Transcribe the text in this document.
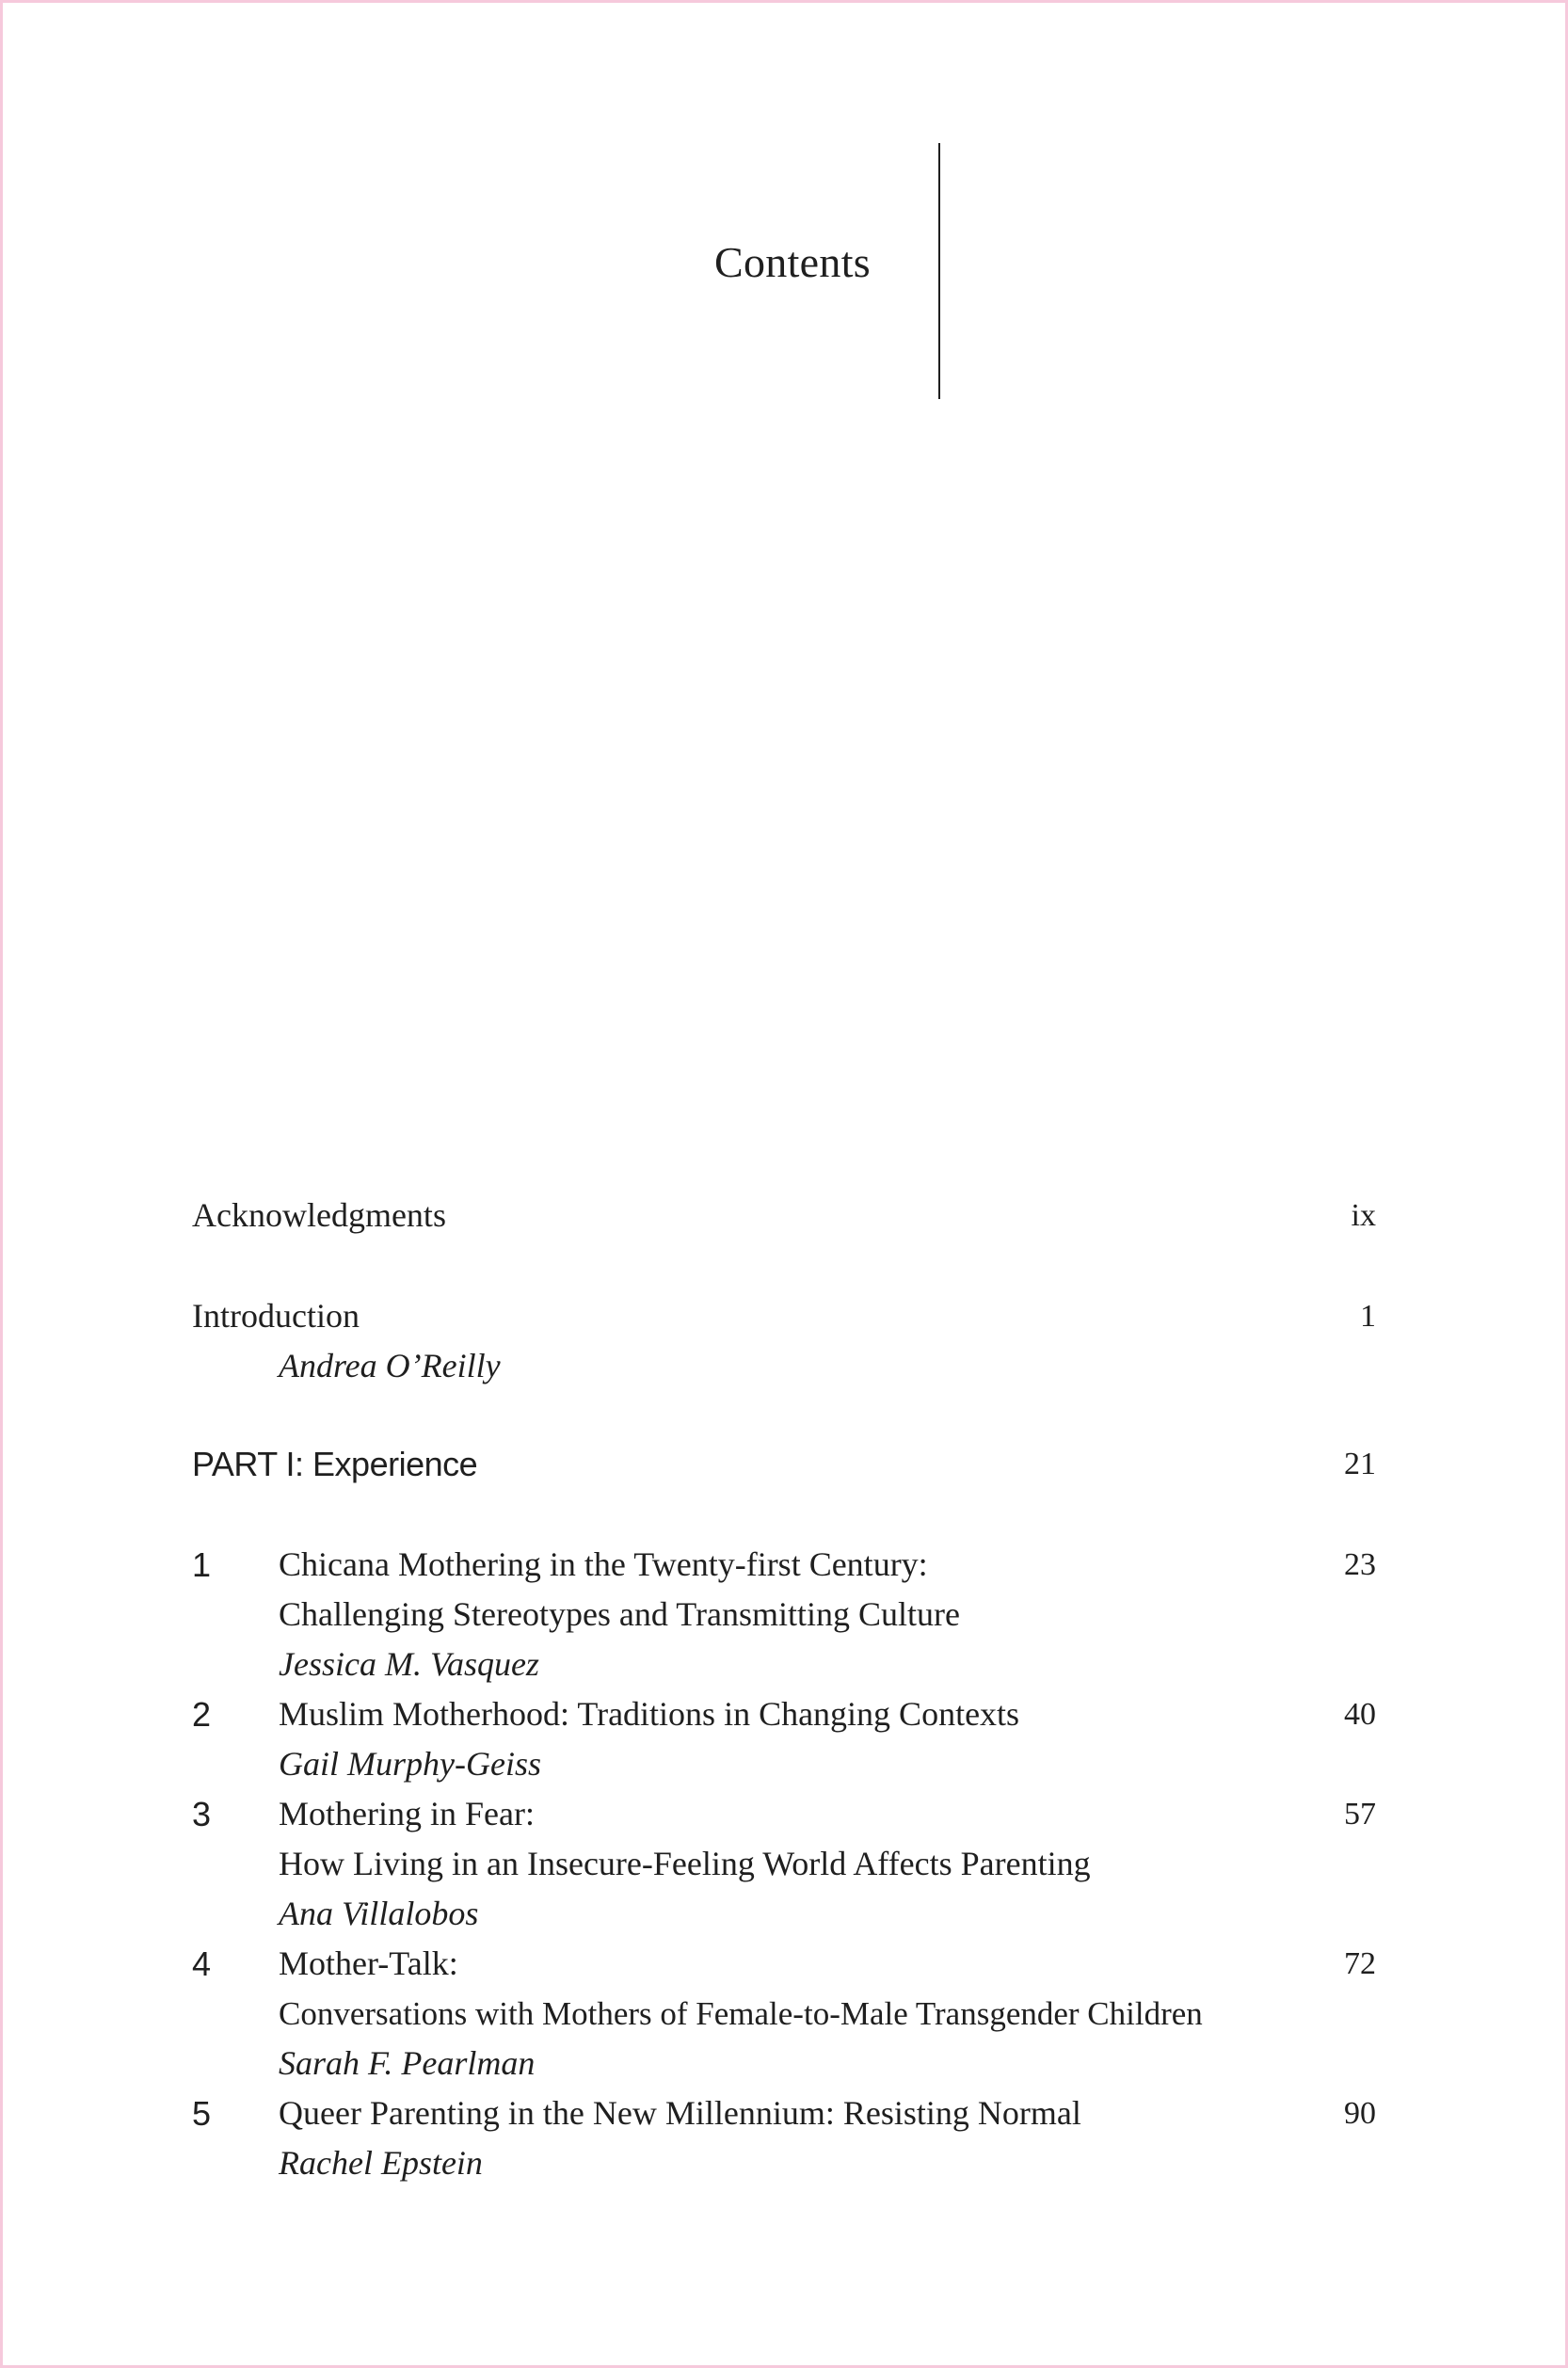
Contents
Acknowledgments	ix
Introduction	1
Andrea O’Reilly
PART I: Experience	21
1 Chicana Mothering in the Twenty-first Century:	23
Challenging Stereotypes and Transmitting Culture
Jessica M. Vasquez
2 Muslim Motherhood: Traditions in Changing Contexts	40
Gail Murphy-Geiss
3 Mothering in Fear:	57
How Living in an Insecure-Feeling World Affects Parenting
Ana Villalobos
4 Mother-Talk:	72
Conversations with Mothers of Female-to-Male Transgender Children
Sarah F. Pearlman
5 Queer Parenting in the New Millennium: Resisting Normal	90
Rachel Epstein
